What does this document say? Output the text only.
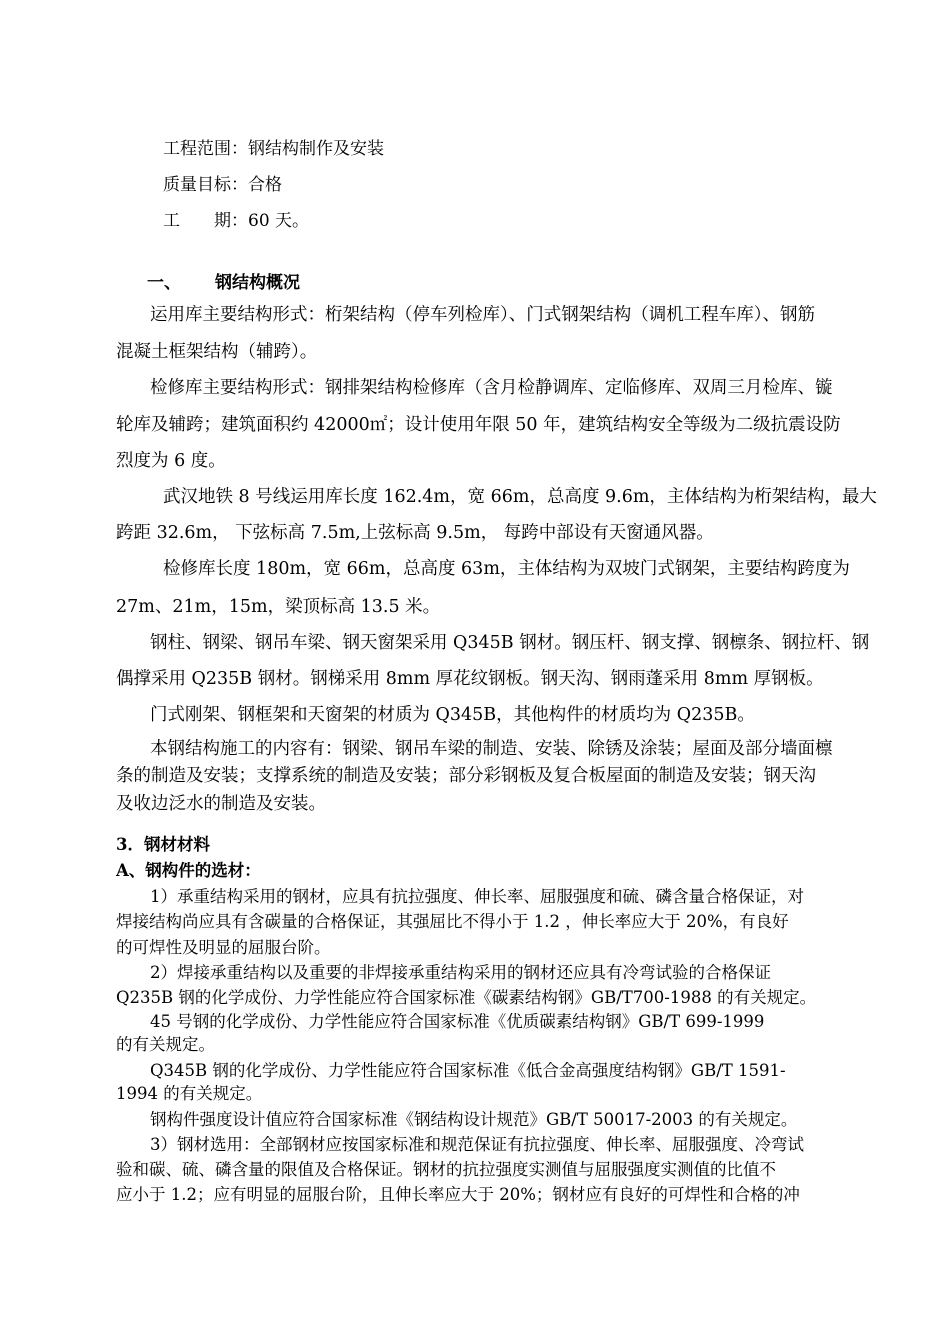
工程范围：钢结构制作及安装
质量目标：合格
工　　期：60 天。
一、	钢结构概况
运用库主要结构形式：桁架结构（停车列检库）、门式钢架结构（调机工程车库）、钢筋
混凝土框架结构（辅跨）。
检修库主要结构形式：钢排架结构检修库（含月检静调库、定临修库、双周三月检库、镟
轮库及辅跨；建筑面积约 42000㎡；设计使用年限 50 年，建筑结构安全等级为二级抗震设防
烈度为 6 度。
武汉地铁 8 号线运用库长度 162.4m，宽 66m，总高度 9.6m，主体结构为桁架结构，最大
跨距 32.6m， 下弦标高 7.5m,上弦标高 9.5m， 每跨中部设有天窗通风器。
检修库长度 180m，宽 66m，总高度 63m，主体结构为双坡门式钢架，主要结构跨度为
27m、21m，15m，梁顶标高 13.5 米。
钢柱、钢梁、钢吊车梁、钢天窗架采用 Q345B 钢材。钢压杆、钢支撑、钢檩条、钢拉杆、钢
偶撑采用 Q235B 钢材。钢梯采用 8mm 厚花纹钢板。钢天沟、钢雨蓬采用 8mm 厚钢板。
门式刚架、钢框架和天窗架的材质为 Q345B，其他构件的材质均为 Q235B。
本钢结构施工的内容有：钢梁、钢吊车梁的制造、安装、除锈及涂装；屋面及部分墙面檩
条的制造及安装；支撑系统的制造及安装；部分彩钢板及复合板屋面的制造及安装；钢天沟
及收边泛水的制造及安装。
3．钢材材料
A、钢构件的选材：
1）承重结构采用的钢材，应具有抗拉强度、伸长率、屈服强度和硫、磷含量合格保证，对
焊接结构尚应具有含碳量的合格保证，其强屈比不得小于 1.2 ，伸长率应大于 20%，有良好
的可焊性及明显的屈服台阶。
2）焊接承重结构以及重要的非焊接承重结构采用的钢材还应具有冷弯试验的合格保证
Q235B 钢的化学成份、力学性能应符合国家标准《碳素结构钢》GB/T700-1988 的有关规定。
45 号钢的化学成份、力学性能应符合国家标准《优质碳素结构钢》GB/T 699-1999
的有关规定。
Q345B 钢的化学成份、力学性能应符合国家标准《低合金高强度结构钢》GB/T 1591-
1994 的有关规定。
钢构件强度设计值应符合国家标准《钢结构设计规范》GB/T 50017-2003 的有关规定。
3）钢材选用：全部钢材应按国家标准和规范保证有抗拉强度、伸长率、屈服强度、冷弯试
验和碳、硫、磷含量的限值及合格保证。钢材的抗拉强度实测值与屈服强度实测值的比值不
应小于 1.2；应有明显的屈服台阶，且伸长率应大于 20%；钢材应有良好的可焊性和合格的冲
